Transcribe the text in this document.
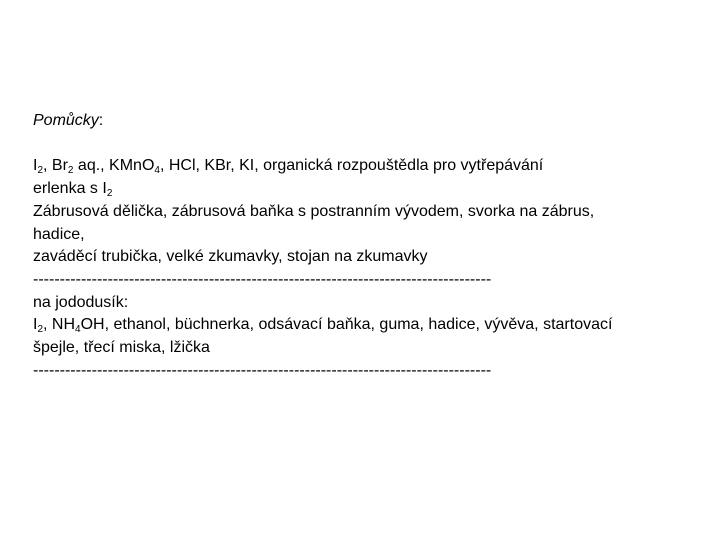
Pomůcky:
$I_2$, $Br_2$ aq., KMnO$_4$, HCl, KBr, KI, organická rozpouštědla pro vytřepávání
erlenka s $I_2$
Zábrusová dělička, zábrusová baňka s postranním vývodem, svorka na zábrus,
hadice,
zaváděcí trubička, velké zkumavky, stojan na zkumavky
--------------------------------------------------------------------------------------
na jododusík:
$I_2$, $NH_4OH$, ethanol, büchnerka, odsávací baňka, guma, hadice, vývěva, startovací
špejle, třecí miska, lžička
--------------------------------------------------------------------------------------
